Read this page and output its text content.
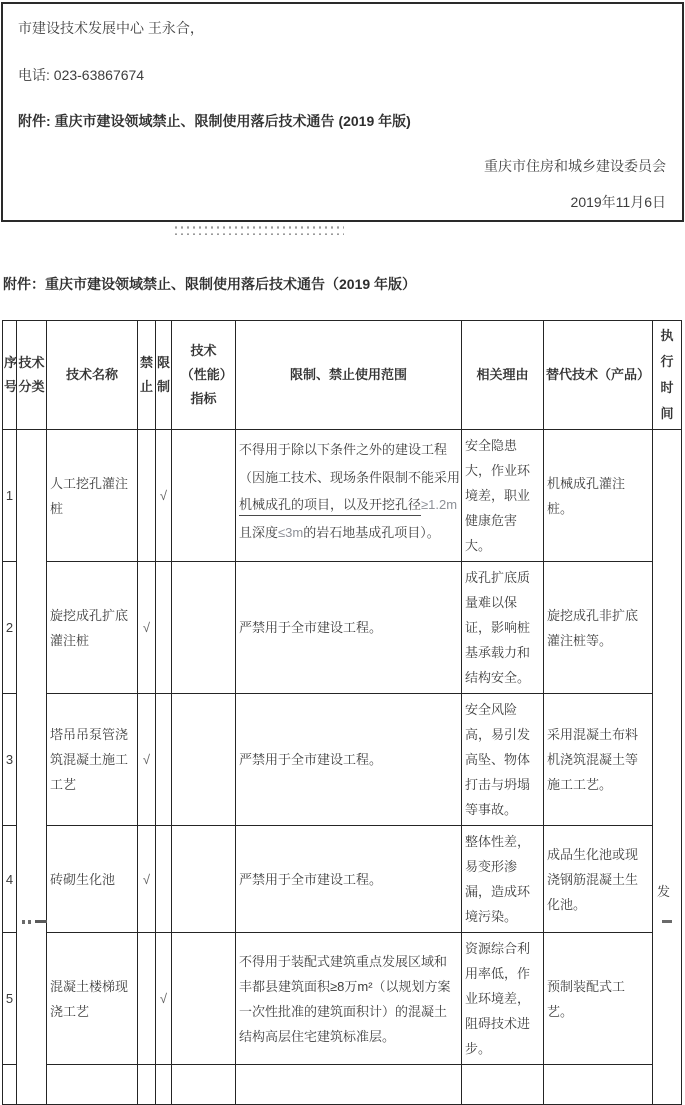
市建设技术发展中心 王永合，
电话: 023-63867674
附件: 重庆市建设领域禁止、限制使用落后技术通告 (2019 年版)
重庆市住房和城乡建设委员会
2019年11月6日
附件：重庆市建设领域禁止、限制使用落后技术通告（2019 年版）
序号	技术分类	技术名称	禁止	限制	技术（性能）指标	限制、禁止使用范围	相关理由	替代技术（产品）	执行时间
1		人工挖孔灌注桩		√		不得用于除以下条件之外的建设工程
（因施工技术、现场条件限制不能采用
机械成孔的项目，以及开挖孔径≥1.2m
且深度≤3m的岩石地基成孔项目）。	安全隐患大，作业环境差，职业健康危害大。	机械成孔灌注桩。	
2		旋挖成孔扩底灌注桩	√			严禁用于全市建设工程。	成孔扩底质量难以保证，影响桩基承载力和结构安全。	旋挖成孔非扩底灌注桩等。	
3		塔吊吊泵管浇筑混凝土施工工艺	√			严禁用于全市建设工程。	安全风险高，易引发高坠、物体打击与坍塌等事故。	采用混凝土布料机浇筑混凝土等施工工艺。	
4		砖砌生化池	√			严禁用于全市建设工程。	整体性差，易变形渗漏，造成环境污染。	成品生化池或现浇钢筋混凝土生化池。	
5		混凝土楼梯现浇工艺		√		不得用于装配式建筑重点发展区域和丰都县建筑面积≥8万m²（以规划方案一次性批准的建筑面积计）的混凝土结构高层住宅建筑标准层。	资源综合利用率低，作业环境差，阻碍技术进步。	预制装配式工艺。	

发
